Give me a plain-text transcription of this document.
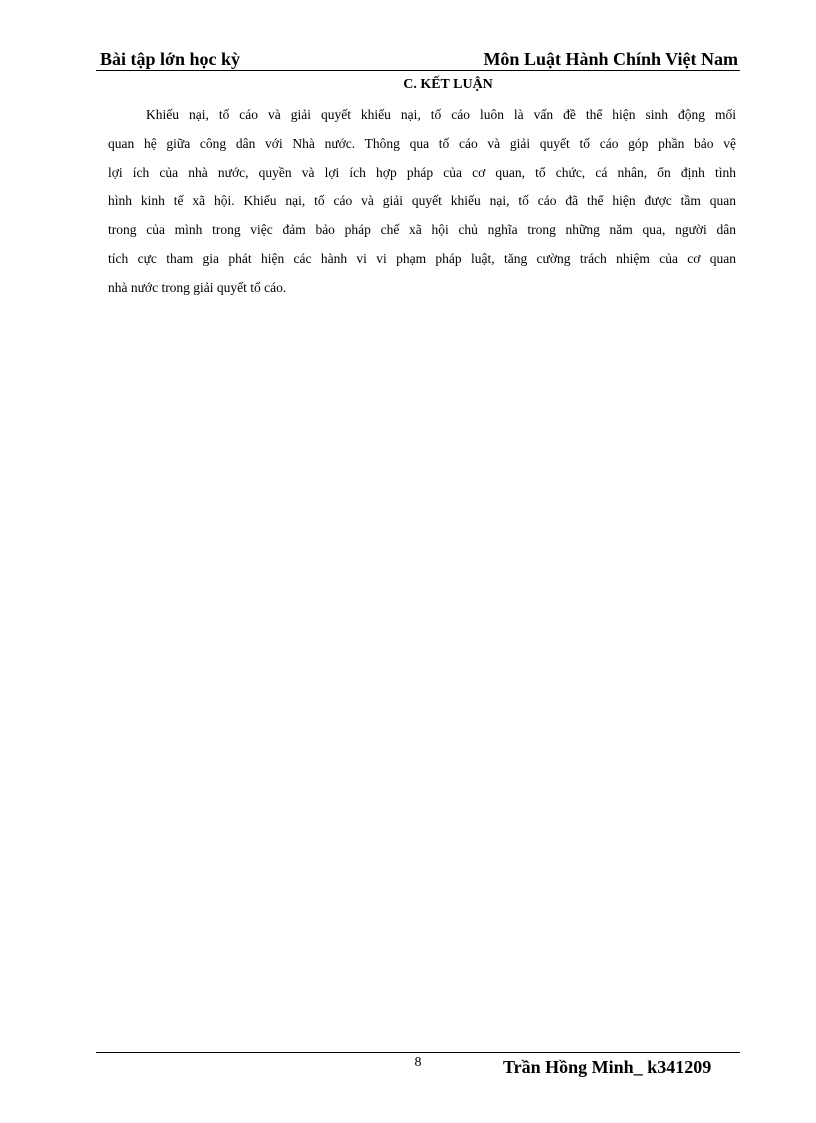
Bài tập lớn học kỳ	Môn Luật Hành Chính Việt Nam
C. KẾT LUẬN

Khiếu nại, tố cáo và giải quyết khiếu nại, tố cáo luôn là vấn đề thể hiện sinh động mối
quan hệ giữa công dân với Nhà nước. Thông qua tố cáo và giải quyết tố cáo góp phần bảo vệ
lợi ích của nhà nước, quyền và lợi ích hợp pháp của cơ quan, tổ chức, cá nhân, ổn định tình
hình kinh tế xã hội. Khiếu nại, tố cáo và giải quyết khiếu nại, tố cáo đã thể hiện được tầm quan
trong của mình trong việc đảm bảo pháp chế xã hội chủ nghĩa trong những năm qua, người dân
tích cực tham gia phát hiện các hành vi vi phạm pháp luật, tăng cường trách nhiệm của cơ quan
nhà nước trong giải quyết tố cáo.

8	Trần Hồng Minh_ k341209
